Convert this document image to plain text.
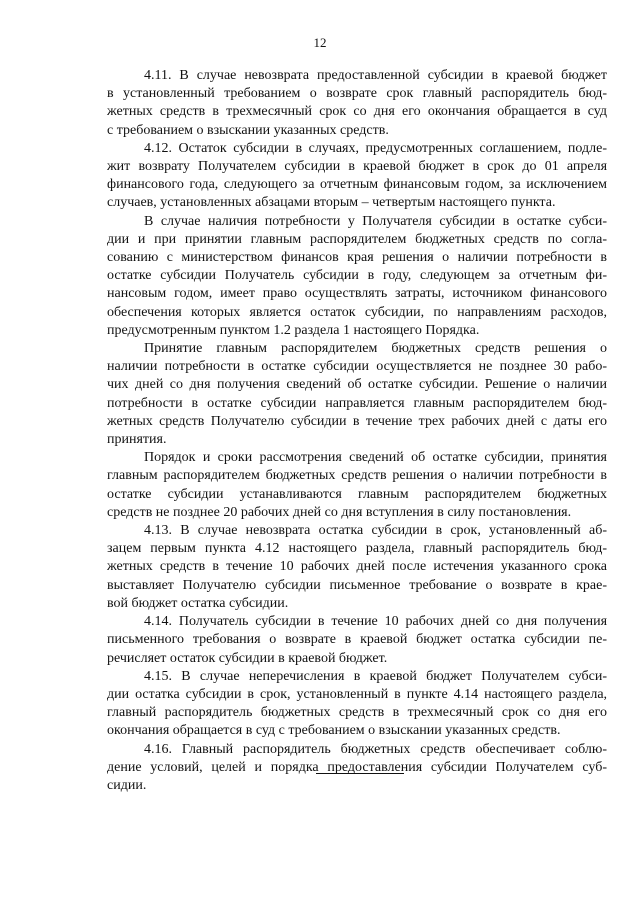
12
4.11. В случае невозврата предоставленной субсидии в краевой бюджет
в установленный требованием о возврате срок главный распорядитель бюд-
жетных средств в трехмесячный срок со дня его окончания обращается в суд
с требованием о взыскании указанных средств.
4.12. Остаток субсидии в случаях, предусмотренных соглашением, подле-
жит возврату Получателем субсидии в краевой бюджет в срок до 01 апреля
финансового года, следующего за отчетным финансовым годом, за исключением
случаев, установленных абзацами вторым – четвертым настоящего пункта.
В случае наличия потребности у Получателя субсидии в остатке субси-
дии и при принятии главным распорядителем бюджетных средств по согла-
сованию с министерством финансов края решения о наличии потребности в
остатке субсидии Получатель субсидии в году, следующем за отчетным фи-
нансовым годом, имеет право осуществлять затраты, источником финансового
обеспечения которых является остаток субсидии, по направлениям расходов,
предусмотренным пунктом 1.2 раздела 1 настоящего Порядка.
Принятие главным распорядителем бюджетных средств решения о
наличии потребности в остатке субсидии осуществляется не позднее 30 рабо-
чих дней со дня получения сведений об остатке субсидии. Решение о наличии
потребности в остатке субсидии направляется главным распорядителем бюд-
жетных средств Получателю субсидии в течение трех рабочих дней с даты его
принятия.
Порядок и сроки рассмотрения сведений об остатке субсидии, принятия
главным распорядителем бюджетных средств решения о наличии потребности в
остатке субсидии устанавливаются главным распорядителем бюджетных
средств не позднее 20 рабочих дней со дня вступления в силу постановления.
4.13. В случае невозврата остатка субсидии в срок, установленный аб-
зацем первым пункта 4.12 настоящего раздела, главный распорядитель бюд-
жетных средств в течение 10 рабочих дней после истечения указанного срока
выставляет Получателю субсидии письменное требование о возврате в крае-
вой бюджет остатка субсидии.
4.14. Получатель субсидии в течение 10 рабочих дней со дня получения
письменного требования о возврате в краевой бюджет остатка субсидии пе-
речисляет остаток субсидии в краевой бюджет.
4.15. В случае неперечисления в краевой бюджет Получателем субси-
дии остатка субсидии в срок, установленный в пункте 4.14 настоящего раздела,
главный распорядитель бюджетных средств в трехмесячный срок со дня его
окончания обращается в суд с требованием о взыскании указанных средств.
4.16. Главный распорядитель бюджетных средств обеспечивает соблю-
дение условий, целей и порядка предоставления субсидии Получателем суб-
сидии.
